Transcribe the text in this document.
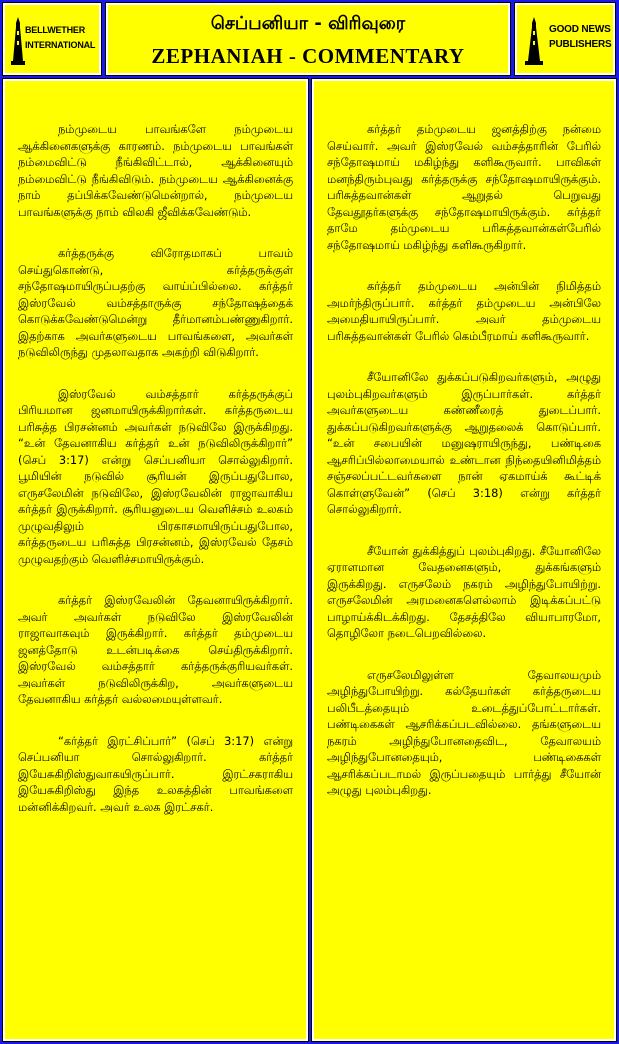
BELLWETHER
INTERNATIONAL
செப்பனியா - விரிவுரை
ZEPHANIAH - COMMENTARY
GOOD NEWS
PUBLISHERS

நம்முடைய பாவங்களே நம்முடைய ஆக்கினைகளுக்கு காரணம். நம்முடைய பாவங்கள் நம்மைவிட்டு நீங்கிவிட்டால், ஆக்கினையும் நம்மைவிட்டு நீங்கிவிடும். நம்முடைய ஆக்கினைக்கு நாம் தப்பிக்கவேண்டுமென்றால், நம்முடைய பாவங்களுக்கு நாம் விலகி ஜீவிக்கவேண்டும்.

கர்த்தருக்கு விரோதமாகப் பாவம் செய்துகொண்டு, கர்த்தருக்குள் சந்தோஷமாயிருப்பதற்கு வாய்ப்பில்லை. கர்த்தர் இஸ்ரவேல் வம்சத்தாருக்கு சந்தோஷத்தைக் கொடுக்கவேண்டுமென்று தீர்மானம்பண்ணுகிறார். இதற்காக அவர்களுடைய பாவங்களை, அவர்கள் நடுவிலிருந்து முதலாவதாக அகற்றி விடுகிறார்.

இஸ்ரவேல் வம்சத்தார் கர்த்தருக்குப் பிரியமான ஜனமாயிருக்கிறார்கள். கர்த்தருடைய பரிசுத்த பிரசன்னம் அவர்கள் நடுவிலே இருக்கிறது. “உன் தேவனாகிய கர்த்தர் உன் நடுவிலிருக்கிறார்” (செப் 3:17) என்று செப்பனியா சொல்லுகிறார். பூமியின் நடுவில் சூரியன் இருப்பதுபோல, எருசலேமின் நடுவிலே, இஸ்ரவேலின் ராஜாவாகிய கர்த்தர் இருக்கிறார். சூரியனுடைய வெளிச்சம் உலகம் முழுவதிலும் பிரகாசமாயிருப்பதுபோல, கர்த்தருடைய பரிசுத்த பிரசன்னம், இஸ்ரவேல் தேசம் முழுவதற்கும் வெளிச்சமாயிருக்கும்.

கர்த்தர் இஸ்ரவேலின் தேவனாயிருக்கிறார். அவர் அவர்கள் நடுவிலே இஸ்ரவேலின் ராஜாவாகவும் இருக்கிறார். கர்த்தர் தம்முடைய ஜனத்தோடு உடன்படிக்கை செய்திருக்கிறார். இஸ்ரவேல் வம்சத்தார் கர்த்தருக்குரியவர்கள். அவர்கள் நடுவிலிருக்கிற, அவர்களுடைய தேவனாகிய கர்த்தர் வல்லமையுள்ளவர்.

“கர்த்தர் இரட்சிப்பார்” (செப் 3:17) என்று செப்பனியா சொல்லுகிறார். கர்த்தர் இயேசுகிறிஸ்துவாகயிருப்பார். இரட்சகராகிய இயேசுகிறிஸ்து இந்த உலகத்தின் பாவங்களை மன்னிக்கிறவர். அவர் உலக இரட்சகர்.

கர்த்தர் தம்முடைய ஜனத்திற்கு நன்மை செய்வார். அவர் இஸ்ரவேல் வம்சத்தாரின் பேரில் சந்தோஷமாய் மகிழ்ந்து களிகூருவார். பாவிகள் மனந்திரும்புவது கர்த்தருக்கு சந்தோஷமாயிருக்கும். பரிசுத்தவான்கள் ஆறுதல் பெறுவது தேவதூதர்களுக்கு சந்தோஷமாயிருக்கும். கர்த்தர் தாமே தம்முடைய பரிசுத்தவான்கள்பேரில் சந்தோஷமாய் மகிழ்ந்து களிகூருகிறார்.

கர்த்தர் தம்முடைய அன்பின் நிமித்தம் அமர்ந்திருப்பார். கர்த்தர் தம்முடைய அன்பிலே அமைதியாயிருப்பார். அவர் தம்முடைய பரிசுத்தவான்கள் பேரில் கெம்பீரமாய் களிகூருவார்.

சீயோனிலே துக்கப்படுகிறவர்களும், அழுது புலம்புகிறவர்களும் இருப்பார்கள். கர்த்தர் அவர்களுடைய கண்ணீரைத் துடைப்பார். துக்கப்படுகிறவர்களுக்கு ஆறுதலைக் கொடுப்பார். “உன் சபையின் மனுஷராயிருந்து, பண்டிகை ஆசரிப்பில்லாமையால் உண்டான நிந்தையினிமித்தம் சஞ்சலப்பட்டவர்களை நான் ஏகமாய்க் கூட்டிக் கொள்ளுவேன்” (செப் 3:18) என்று கர்த்தர் சொல்லுகிறார்.

சீயோன் துக்கித்துப் புலம்புகிறது. சீயோனிலே ஏராளமான வேதனைகளும், துக்கங்களும் இருக்கிறது. எருசலேம் நகரம் அழிந்துபோயிற்று. எருசலேமின் அரமனைகளெல்லாம் இடிக்கப்பட்டு பாழாய்க்கிடக்கிறது. தேசத்திலே வியாபாரமோ, தொழிலோ நடைபெறவில்லை.

எருசலேமிலுள்ள தேவாலயமும் அழிந்துபோயிற்று. கல்தேயர்கள் கர்த்தருடைய பலிபீடத்தையும் உடைத்துப்போட்டார்கள். பண்டிகைகள் ஆசரிக்கப்படவில்லை. தங்களுடைய நகரம் அழிந்துபோனதைவிட, தேவாலயம் அழிந்துபோனதையும், பண்டிகைகள் ஆசரிக்கப்படாமல் இருப்பதையும் பார்த்து சீயோன் அழுது புலம்புகிறது.
